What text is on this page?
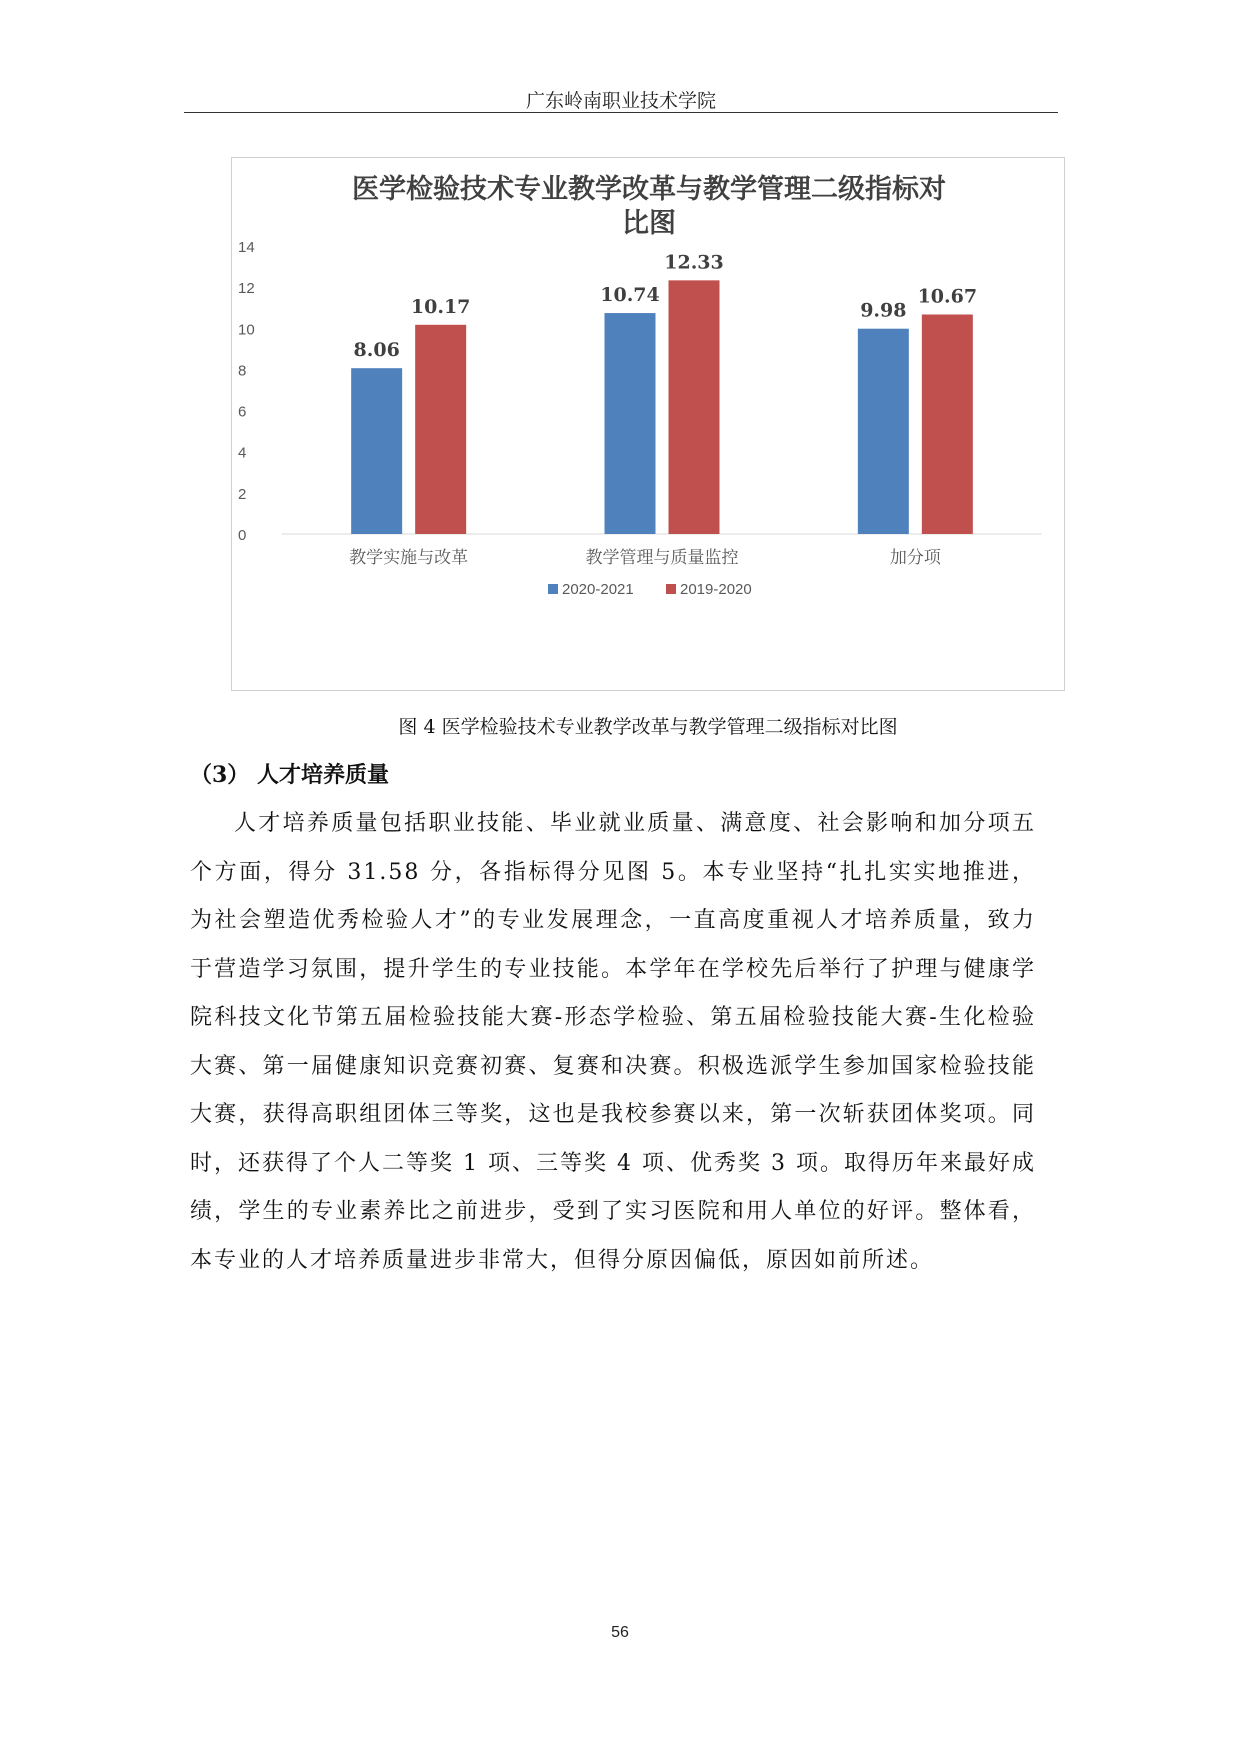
广东岭南职业技术学院
医学检验技术专业教学改革与教学管理二级指标对
比图
0
2
4
6
8
10
12
14
8.06
10.17
教学实施与改革
10.74
12.33
教学管理与质量监控
9.98
10.67
加分项
2020-2021	2019-2020
图 4 医学检验技术专业教学改革与教学管理二级指标对比图
（3） 人才培养质量

人才培养质量包括职业技能、毕业就业质量、满意度、社会影响和加分项五个方面，得分 31.58 分，各指标得分见图 5。本专业坚持“扎扎实实地推进，为社会塑造优秀检验人才”的专业发展理念，一直高度重视人才培养质量，致力于营造学习氛围，提升学生的专业技能。本学年在学校先后举行了护理与健康学院科技文化节第五届检验技能大赛-形态学检验、第五届检验技能大赛-生化检验大赛、第一届健康知识竞赛初赛、复赛和决赛。积极选派学生参加国家检验技能大赛，获得高职组团体三等奖，这也是我校参赛以来，第一次斩获团体奖项。同时，还获得了个人二等奖 1 项、三等奖 4 项、优秀奖 3 项。取得历年来最好成绩，学生的专业素养比之前进步，受到了实习医院和用人单位的好评。整体看，本专业的人才培养质量进步非常大，但得分原因偏低，原因如前所述。

56
